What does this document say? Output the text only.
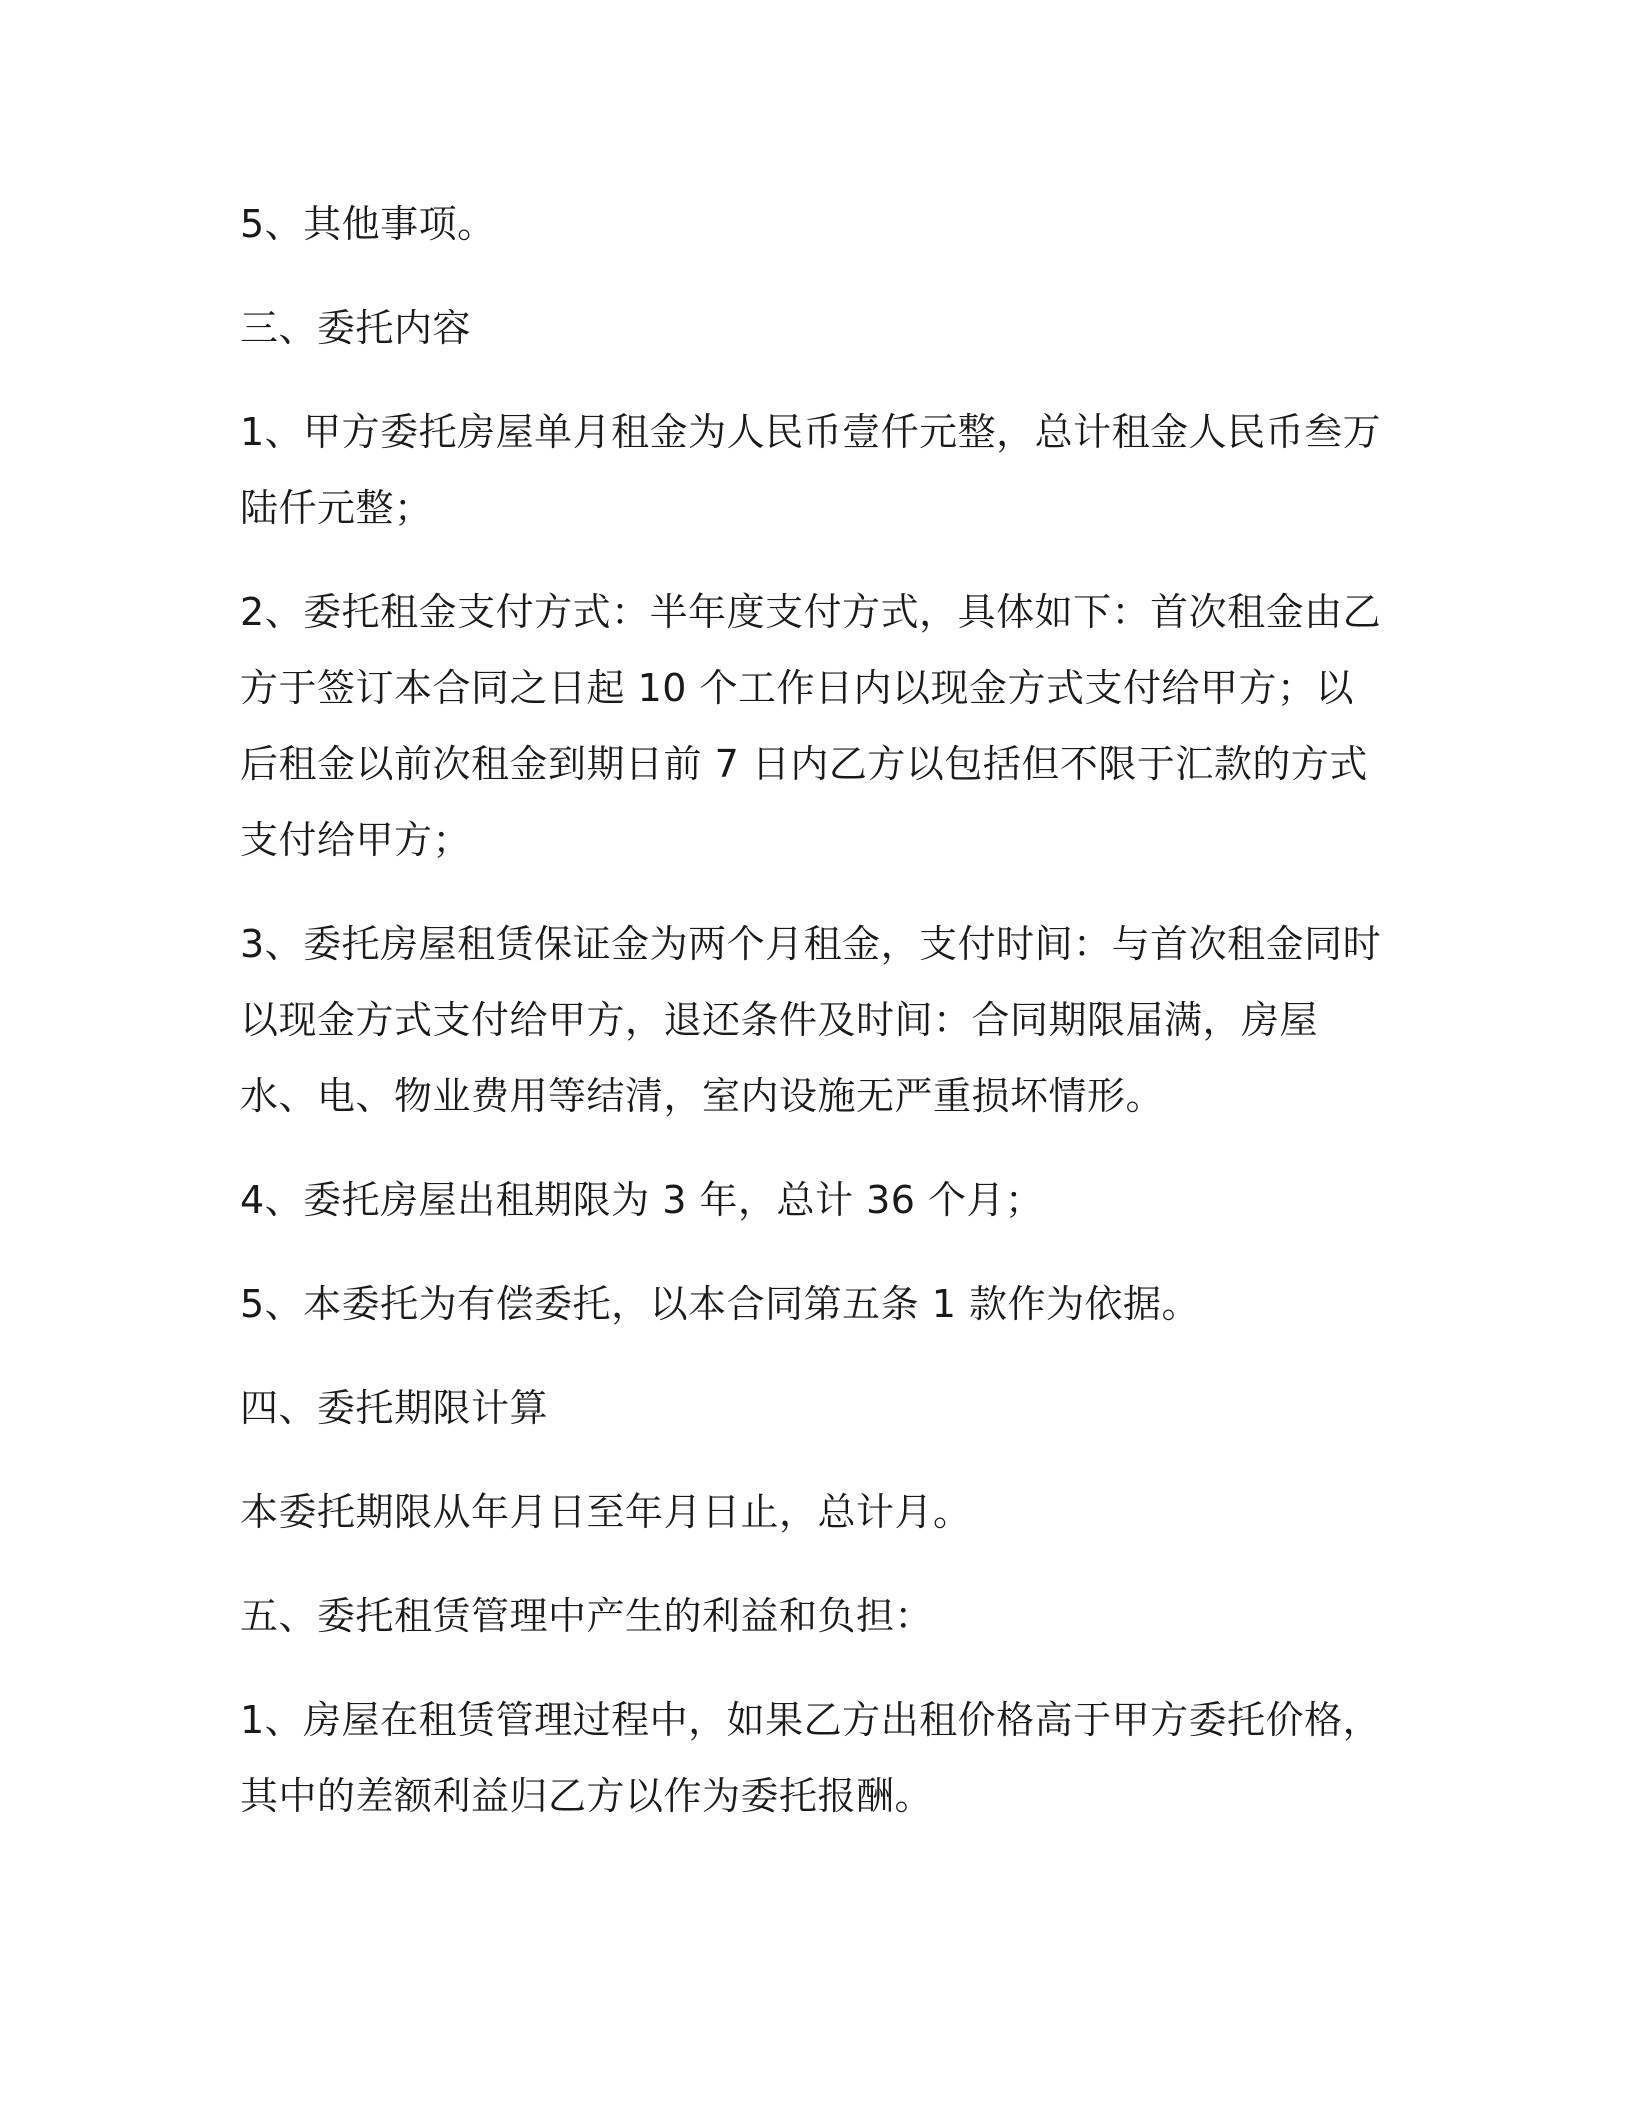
5、其他事项。

三、委托内容

1、甲方委托房屋单月租金为人民币壹仟元整，总计租金人民币叁万陆仟元整；

2、委托租金支付方式：半年度支付方式，具体如下：首次租金由乙方于签订本合同之日起 10 个工作日内以现金方式支付给甲方；以后租金以前次租金到期日前 7 日内乙方以包括但不限于汇款的方式支付给甲方；

3、委托房屋租赁保证金为两个月租金，支付时间：与首次租金同时以现金方式支付给甲方，退还条件及时间：合同期限届满，房屋水、电、物业费用等结清，室内设施无严重损坏情形。

4、委托房屋出租期限为 3 年，总计 36 个月；

5、本委托为有偿委托，以本合同第五条 1 款作为依据。

四、委托期限计算

本委托期限从年月日至年月日止，总计月。

五、委托租赁管理中产生的利益和负担：

1、房屋在租赁管理过程中，如果乙方出租价格高于甲方委托价格，其中的差额利益归乙方以作为委托报酬。
